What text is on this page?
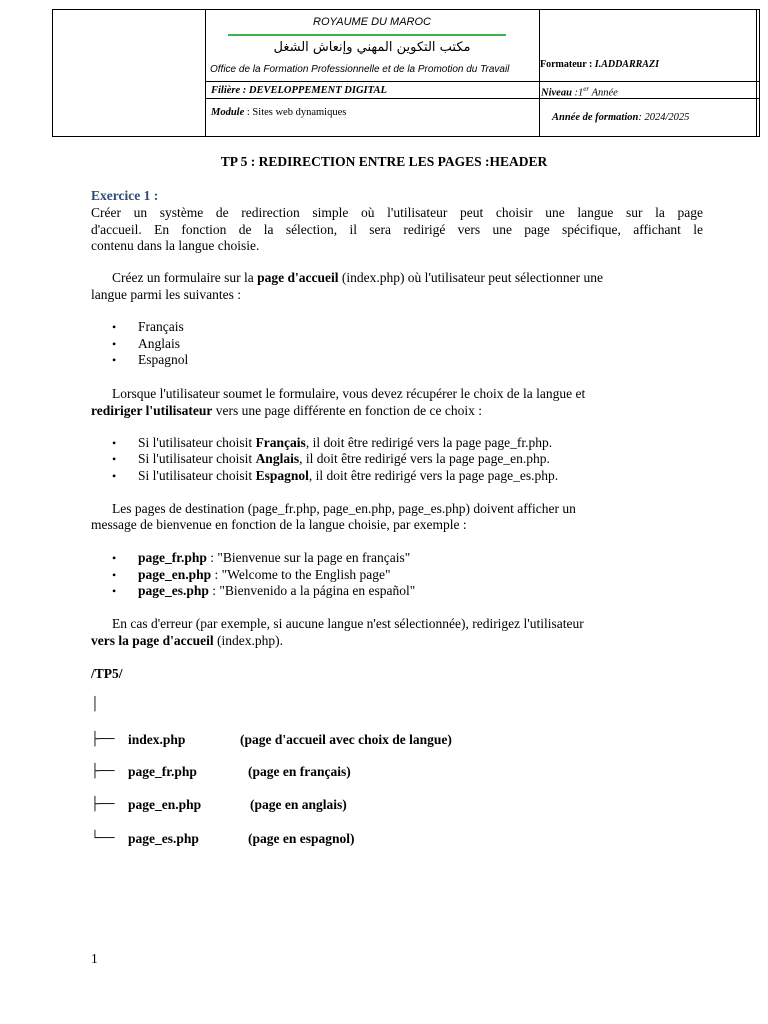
ROYAUME DU MAROC
مكتب التكوين المهني وإنعاش الشغل
Office de la Formation Professionnelle et de la Promotion du Travail	Formateur : I.ADDARRAZI
Filière : DEVELOPPEMENT DIGITAL	Niveau :1er Année
Module : Sites web dynamiques	Année de formation: 2024/2025
TP 5 : REDIRECTION ENTRE LES PAGES :HEADER
Exercice 1 :
Créer un système de redirection simple où l'utilisateur peut choisir une langue sur la page
d'accueil. En fonction de la sélection, il sera redirigé vers une page spécifique, affichant le
contenu dans la langue choisie.
Créez un formulaire sur la page d'accueil (index.php) où l'utilisateur peut sélectionner une
langue parmi les suivantes :
• Français
• Anglais
• Espagnol
Lorsque l'utilisateur soumet le formulaire, vous devez récupérer le choix de la langue et
rediriger l'utilisateur vers une page différente en fonction de ce choix :
• Si l'utilisateur choisit Français, il doit être redirigé vers la page page_fr.php.
• Si l'utilisateur choisit Anglais, il doit être redirigé vers la page page_en.php.
• Si l'utilisateur choisit Espagnol, il doit être redirigé vers la page page_es.php.
Les pages de destination (page_fr.php, page_en.php, page_es.php) doivent afficher un
message de bienvenue en fonction de la langue choisie, par exemple :
• page_fr.php : "Bienvenue sur la page en français"
• page_en.php : "Welcome to the English page"
• page_es.php : "Bienvenido a la página en español"
En cas d'erreur (par exemple, si aucune langue n'est sélectionnée), redirigez l'utilisateur
vers la page d'accueil (index.php).
/TP5/
│
├── index.php	(page d'accueil avec choix de langue)
├── page_fr.php	(page en français)
├── page_en.php	(page en anglais)
└── page_es.php	(page en espagnol)
1
